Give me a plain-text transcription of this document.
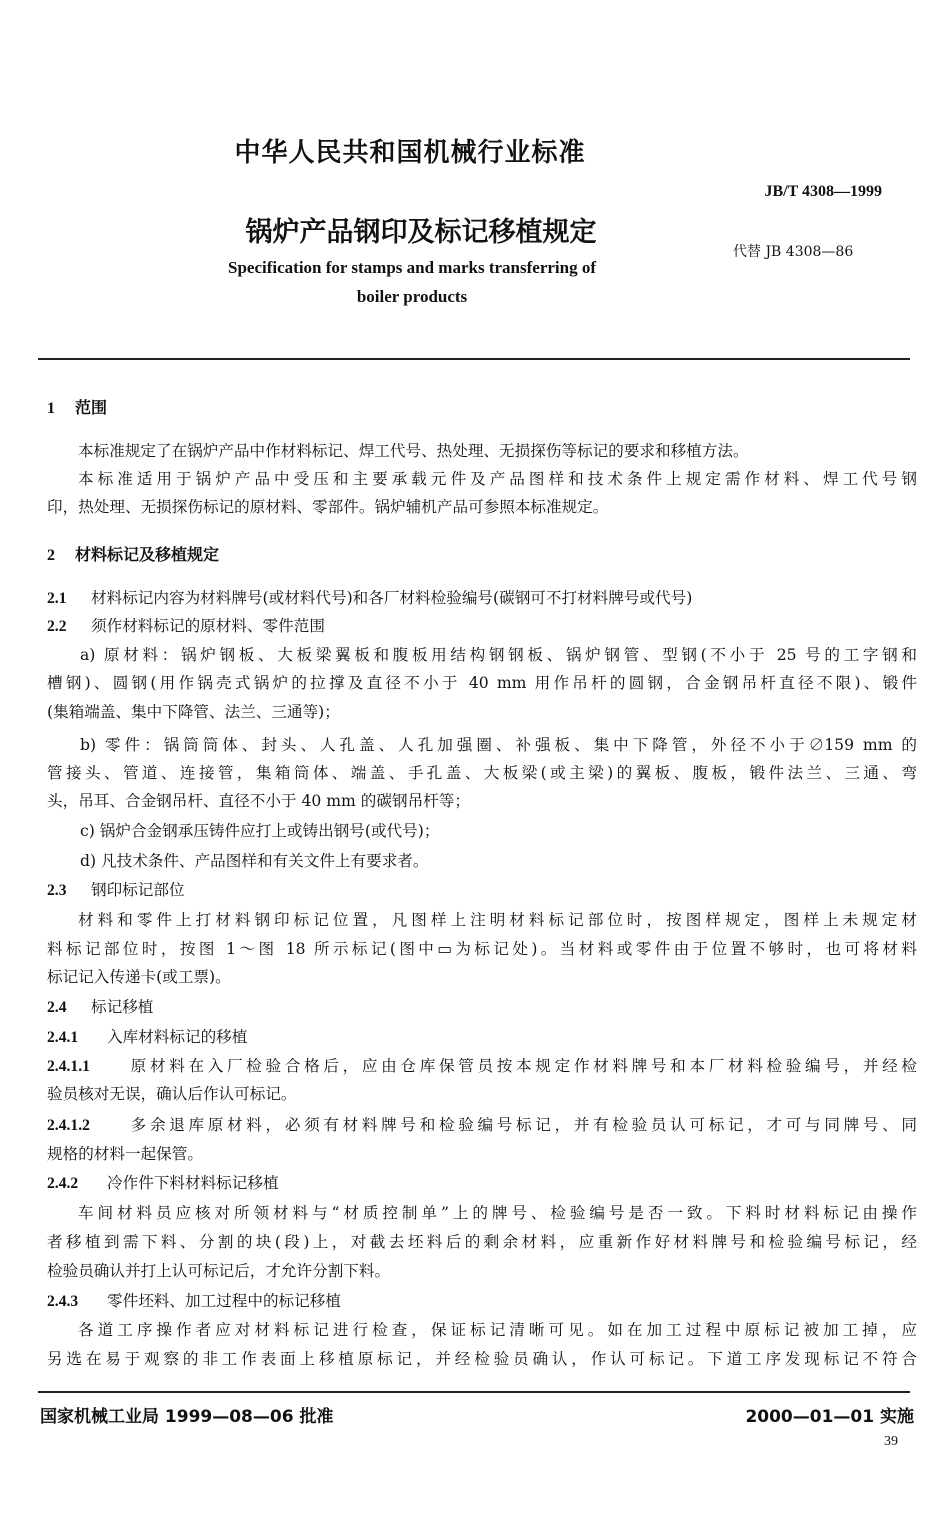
中华人民共和国机械行业标准
JB/T 4308—1999
锅炉产品钢印及标记移植规定
代替 JB 4308—86
Specification for stamps and marks transferring of
boiler products
1 范围
本标准规定了在锅炉产品中作材料标记、焊工代号、热处理、无损探伤等标记的要求和移植方法。
本标准适用于锅炉产品中受压和主要承载元件及产品图样和技术条件上规定需作材料、焊工代号钢
印，热处理、无损探伤标记的原材料、零部件。锅炉辅机产品可参照本标准规定。
2 材料标记及移植规定
2.1 材料标记内容为材料牌号(或材料代号)和各厂材料检验编号(碳钢可不打材料牌号或代号)
2.2 须作材料标记的原材料、零件范围
a) 原材料：锅炉钢板、大板梁翼板和腹板用结构钢钢板、锅炉钢管、型钢(不小于 25 号的工字钢和
槽钢)、圆钢(用作锅壳式锅炉的拉撑及直径不小于 40 mm 用作吊杆的圆钢，合金钢吊杆直径不限)、锻件
(集箱端盖、集中下降管、法兰、三通等)；
b) 零件：锅筒筒体、封头、人孔盖、人孔加强圈、补强板、集中下降管，外径不小于∅159 mm 的
管接头、管道、连接管，集箱筒体、端盖、手孔盖、大板梁(或主梁)的翼板、腹板，锻件法兰、三通、弯
头，吊耳、合金钢吊杆、直径不小于 40 mm 的碳钢吊杆等；
c) 锅炉合金钢承压铸件应打上或铸出钢号(或代号)；
d) 凡技术条件、产品图样和有关文件上有要求者。
2.3 钢印标记部位
材料和零件上打材料钢印标记位置，凡图样上注明材料标记部位时，按图样规定，图样上未规定材
料标记部位时，按图 1～图 18 所示标记(图中▭为标记处)。当材料或零件由于位置不够时，也可将材料
标记记入传递卡(或工票)。
2.4 标记移植
2.4.1 入库材料标记的移植
2.4.1.1 原材料在入厂检验合格后，应由仓库保管员按本规定作材料牌号和本厂材料检验编号，并经检
验员核对无误，确认后作认可标记。
2.4.1.2 多余退库原材料，必须有材料牌号和检验编号标记，并有检验员认可标记，才可与同牌号、同
规格的材料一起保管。
2.4.2 冷作件下料材料标记移植
车间材料员应核对所领材料与“材质控制单”上的牌号、检验编号是否一致。下料时材料标记由操作
者移植到需下料、分割的块(段)上，对截去坯料后的剩余材料，应重新作好材料牌号和检验编号标记，经
检验员确认并打上认可标记后，才允许分割下料。
2.4.3 零件坯料、加工过程中的标记移植
各道工序操作者应对材料标记进行检查，保证标记清晰可见。如在加工过程中原标记被加工掉，应
另选在易于观察的非工作表面上移植原标记，并经检验员确认，作认可标记。下道工序发现标记不符合
国家机械工业局 1999—08—06 批准	2000—01—01 实施
39
